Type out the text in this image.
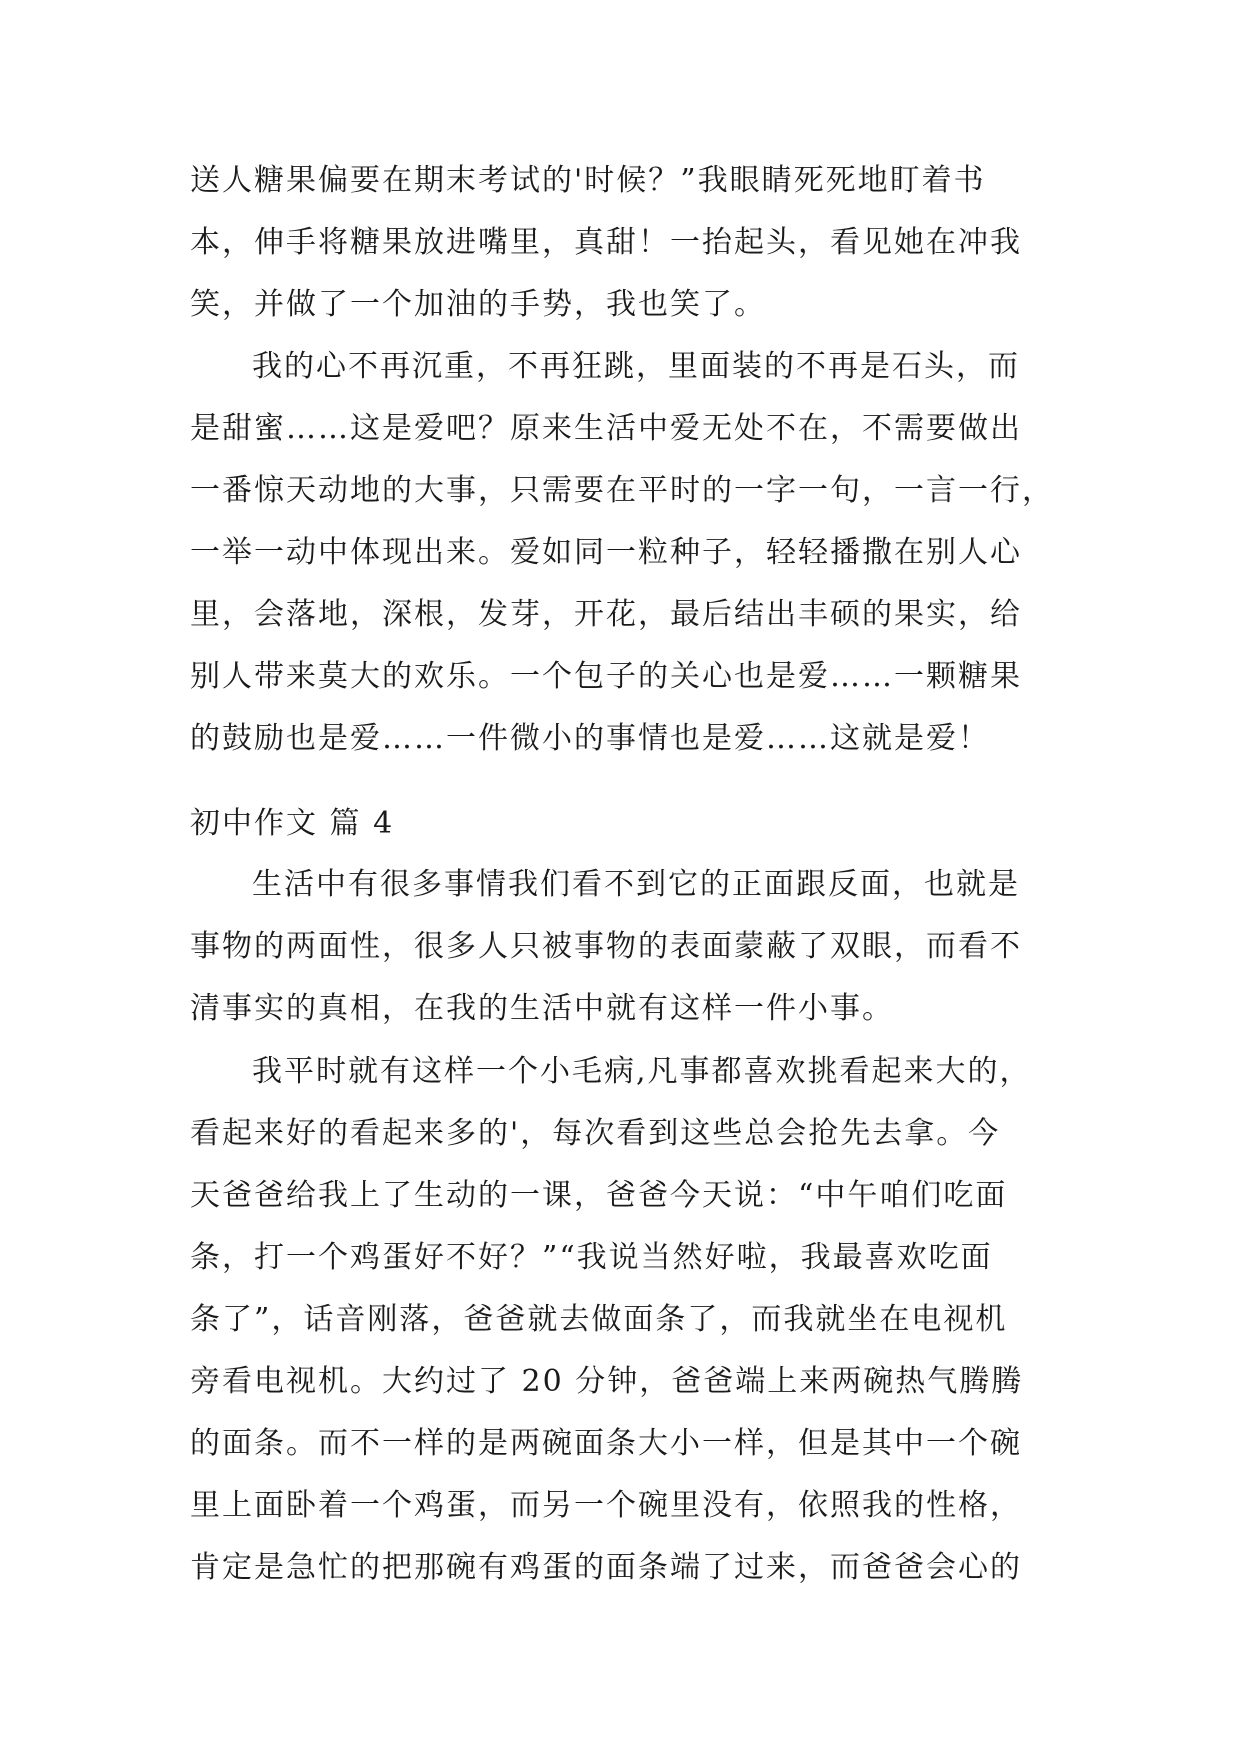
送人糖果偏要在期末考试的'时候？”我眼睛死死地盯着书
本，伸手将糖果放进嘴里，真甜！一抬起头，看见她在冲我
笑，并做了一个加油的手势，我也笑了。
我的心不再沉重，不再狂跳，里面装的不再是石头，而
是甜蜜……这是爱吧？原来生活中爱无处不在，不需要做出
一番惊天动地的大事，只需要在平时的一字一句，一言一行，
一举一动中体现出来。爱如同一粒种子，轻轻播撒在别人心
里，会落地，深根，发芽，开花，最后结出丰硕的果实，给
别人带来莫大的欢乐。一个包子的关心也是爱……一颗糖果
的鼓励也是爱……一件微小的事情也是爱……这就是爱！
初中作文 篇 4
生活中有很多事情我们看不到它的正面跟反面，也就是
事物的两面性，很多人只被事物的表面蒙蔽了双眼，而看不
清事实的真相，在我的生活中就有这样一件小事。
我平时就有这样一个小毛病,凡事都喜欢挑看起来大的，
看起来好的看起来多的'，每次看到这些总会抢先去拿。今
天爸爸给我上了生动的一课，爸爸今天说：“中午咱们吃面
条，打一个鸡蛋好不好？”“我说当然好啦，我最喜欢吃面
条了”，话音刚落，爸爸就去做面条了，而我就坐在电视机
旁看电视机。大约过了 20 分钟，爸爸端上来两碗热气腾腾
的面条。而不一样的是两碗面条大小一样，但是其中一个碗
里上面卧着一个鸡蛋，而另一个碗里没有，依照我的性格，
肯定是急忙的把那碗有鸡蛋的面条端了过来，而爸爸会心的
